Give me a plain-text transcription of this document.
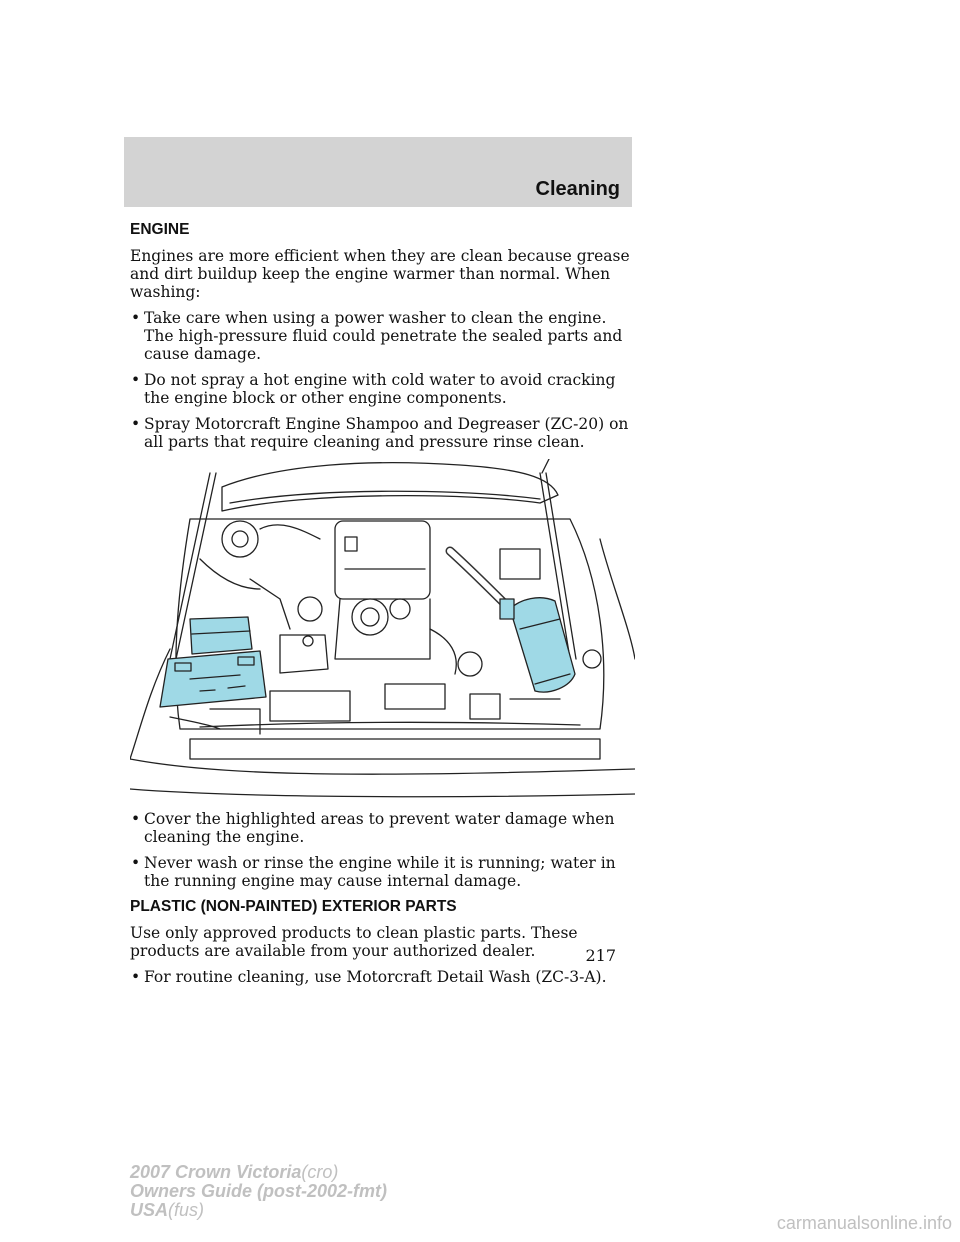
Cleaning
ENGINE

Engines are more efficient when they are clean because grease and dirt buildup keep the engine warmer than normal. When washing:

• Take care when using a power washer to clean the engine. The high-pressure fluid could penetrate the sealed parts and cause damage.
• Do not spray a hot engine with cold water to avoid cracking the engine block or other engine components.
• Spray Motorcraft Engine Shampoo and Degreaser (ZC-20) on all parts that require cleaning and pressure rinse clean.
• Cover the highlighted areas to prevent water damage when cleaning the engine.
• Never wash or rinse the engine while it is running; water in the running engine may cause internal damage.
PLASTIC (NON-PAINTED) EXTERIOR PARTS

Use only approved products to clean plastic parts. These products are available from your authorized dealer.

• For routine cleaning, use Motorcraft Detail Wash (ZC-3-A).
217
2007 Crown Victoria(cro)
Owners Guide (post-2002-fmt)
USA(fus)
carmanualsonline.info
